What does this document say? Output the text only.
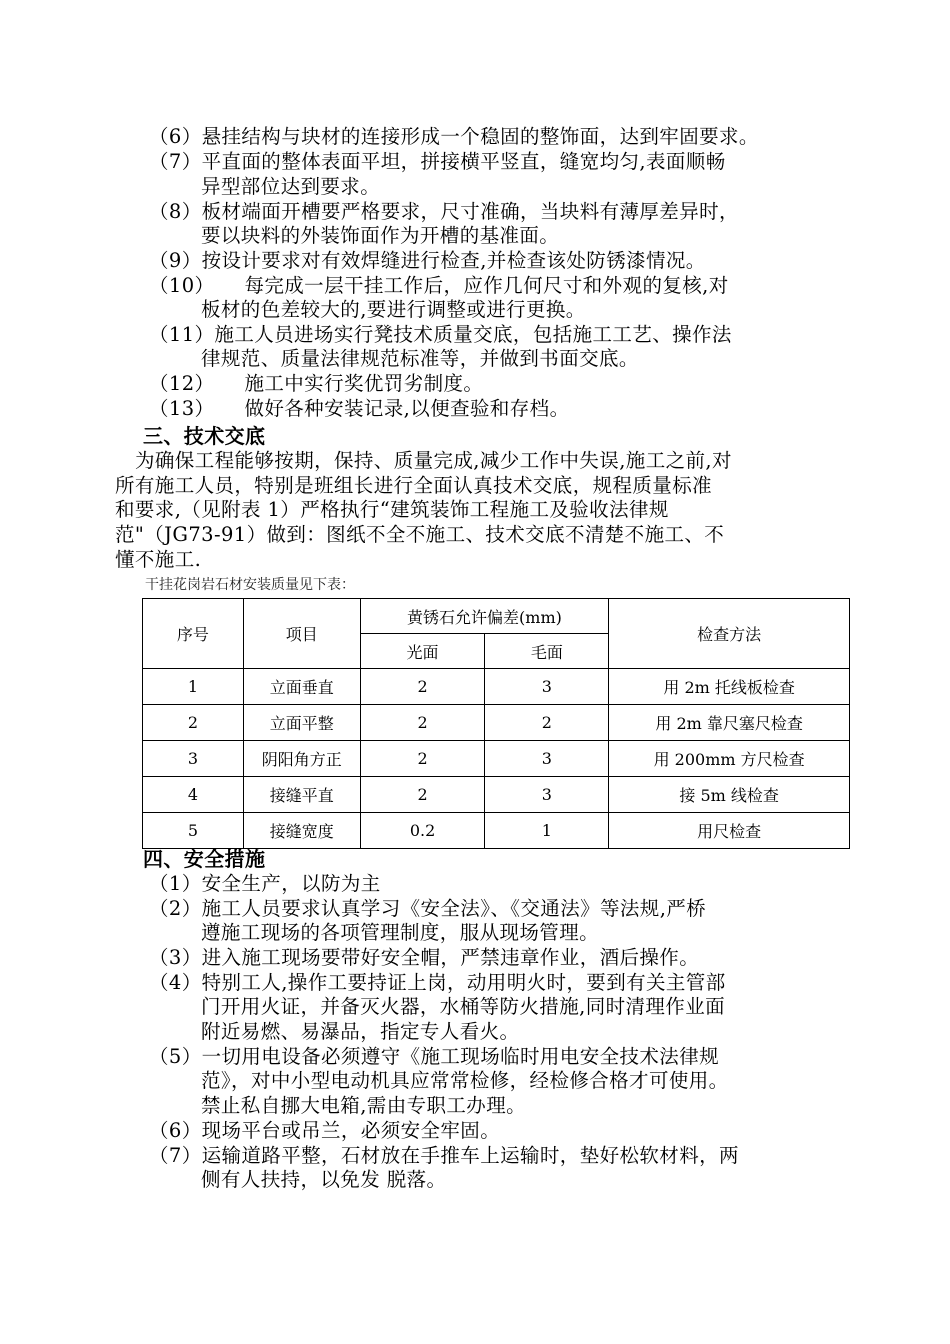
（6）悬挂结构与块材的连接形成一个稳固的整饰面，达到牢固要求。
（7）平直面的整体表面平坦，拼接横平竖直，缝宽均匀,表面顺畅
异型部位达到要求。
（8）板材端面开槽要严格要求，尺寸准确，当块料有薄厚差异时，
要以块料的外装饰面作为开槽的基准面。
（9）按设计要求对有效焊缝进行检查,并检查该处防锈漆情况。
（10）　　每完成一层干挂工作后，应作几何尺寸和外观的复核,对
板材的色差较大的,要进行调整或进行更换。
（11）施工人员进场实行凳技术质量交底，包括施工工艺、操作法
律规范、质量法律规范标准等，并做到书面交底。
（12）　　施工中实行奖优罚劣制度。
（13）　　做好各种安装记录,以便查验和存档。
三、技术交底
为确保工程能够按期，保持、质量完成,减少工作中失误,施工之前,对
所有施工人员，特别是班组长进行全面认真技术交底，规程质量标准
和要求,（见附表 1）严格执行“建筑装饰工程施工及验收法律规
范"（JG73-91）做到：图纸不全不施工、技术交底不清楚不施工、不
懂不施工.
干挂花岗岩石材安装质量见下表：
序号	项目	黄锈石允许偏差(mm)		检查方法
		光面	毛面	
1	立面垂直	2	3	用 2m 托线板检查
2	立面平整	2	2	用 2m 靠尺塞尺检查
3	阴阳角方正	2	3	用 200mm 方尺检查
4	接缝平直	2	3	接 5m 线检查
5	接缝宽度	0.2	1	用尺检查
四、安全措施
（1）安全生产，以防为主
（2）施工人员要求认真学习《安全法》、《交通法》等法规,严桥
遵施工现场的各项管理制度，服从现场管理。
（3）进入施工现场要带好安全帽，严禁违章作业，酒后操作。
（4）特别工人,操作工要持证上岗，动用明火时，要到有关主管部
门开用火证，并备灭火器，水桶等防火措施,同时清理作业面
附近易燃、易瀑品，指定专人看火。
（5）一切用电设备必须遵守《施工现场临时用电安全技术法律规
范》，对中小型电动机具应常常检修，经检修合格才可使用。
禁止私自挪大电箱,需由专职工办理。
（6）现场平台或吊兰，必须安全牢固。
（7）运输道路平整，石材放在手推车上运输时，垫好松软材料，两
侧有人扶持，以免发 脱落。
